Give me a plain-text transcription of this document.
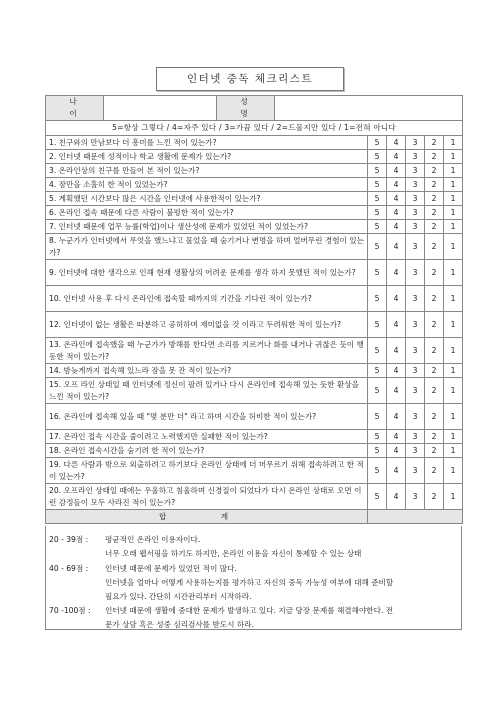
인터넷 중독 체크리스트
나 이		성 명						
5=항상 그렇다 / 4=자주 있다 / 3=가끔 있다 / 2=드물지만 있다 / 1=전혀 아니다								
1. 친구와의 만남보다 더 흥미를 느낀 적이 있는가?				5	4	3	2	1
2. 인터넷 때문에 성적이나 학교 생활에 문제가 있는가?				5	4	3	2	1
3. 온라인상의 친구를 만들어 본 적이 있는가?				5	4	3	2	1
4. 잠만을 소홀히 한 적이 있었는가?				5	4	3	2	1
5. 계획했던 시간보다 많은 시간을 인터넷에 사용한적이 있는가?				5	4	3	2	1
6. 온라인 접속 때문에 다른 사람이 불평한 적이 있는가?				5	4	3	2	1
7. 인터넷 때문에 업무 능률(학업)이나 생산성에 문제가 있었던 적이 있었는가?				5	4	3	2	1
8. 누군가가 인터넷에서 무엇을 했느냐고 물었을 때 숨기거나 변명을 하며 얼버무린 경험이 있는가?				5	4	3	2	1
9. 인터넷에 대한 생각으로 인해 현재 생활상의 어려운 문제를 생각 하지 못했던 적이 있는가?				5	4	3	2	1
10. 인터넷 사용 후 다시 온라인에 접속할 때까지의 기간을 기다린 적이 있는가?				5	4	3	2	1
12. 인터넷이 없는 생활은 따분하고 공허하며 재미없을 것 이라고 두려워한 적이 있는가?				5	4	3	2	1
13. 온라인에 접속했을 때 누군가가 방해를 한다면 소리를 지르거나 화를 내거나 귀찮은 듯이 행동한 적이 있는가?				5	4	3	2	1
14. 밤늦게까지 접속해 있느라 잠을 못 잔 적이 있는가?				5	4	3	2	1
15. 오프 라인 상태일 때 인터넷에 정신이 팔려 있거나 다시 온라인에 접속해 있는 듯한 환상을 느낀 적이 있는가?				5	4	3	2	1
16. 온라인에 접속해 있을 때 "몇 분만 더" 라고 하며 시간을 허비한 적이 있는가?				5	4	3	2	1
17. 온라인 접속 시간을 줄이려고 노력했지만 실패한 적이 있는가?				5	4	3	2	1
18. 온라인 접속시간을 숨기려 한 적이 있는가?				5	4	3	2	1
19. 다른 사람과 밖으로 외출하려고 하기보다 온라인 상태에 더 머무르기 위해 접속하려고 한 적이 있는가?				5	4	3	2	1
20. 오프라인 상태일 때에는 우울하고 침울하며 신경질이 되었다가 다시 온라인 상태로 오면 이런 감정들이 모두 사라진 적이 있는가?				5	4	3	2	1
합 계								
20 - 39점 : 평균적인 온라인 이용자이다.
너무 오래 웹서핑을 하기도 하지만, 온라인 이용을 자신이 통제할 수 있는 상태
40 - 69점 : 인터넷 때문에 문제가 있었던 적이 많다.
인터넷을 얼마나 어떻게 사용하는지를 평가하고 자신의 중독 가능성 여부에 대해 준비할
필요가 있다. 간단히 시간관리부터 시작하라.
70 -100점 : 인터넷 때문에 생활에 중대한 문제가 발생하고 있다. 지금 당장 문제를 해결해야한다. 전
문가 상담 혹은 성중 심리검사를 받도시 하라.
